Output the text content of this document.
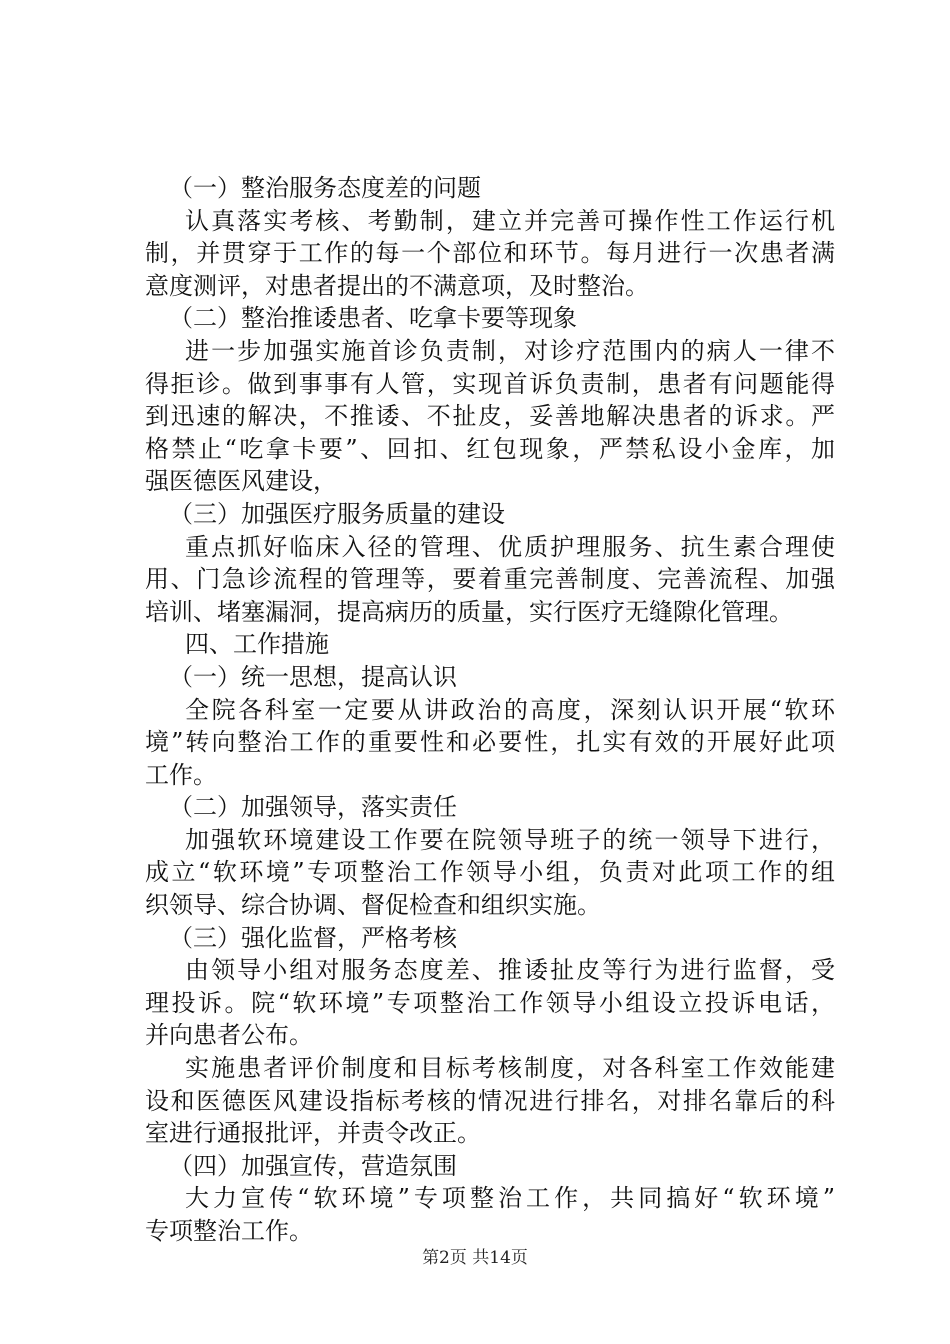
（一）整治服务态度差的问题
认真落实考核、考勤制，建立并完善可操作性工作运行机
制，并贯穿于工作的每一个部位和环节。每月进行一次患者满
意度测评，对患者提出的不满意项，及时整治。
（二）整治推诿患者、吃拿卡要等现象
进一步加强实施首诊负责制，对诊疗范围内的病人一律不
得拒诊。做到事事有人管，实现首诉负责制，患者有问题能得
到迅速的解决，不推诿、不扯皮，妥善地解决患者的诉求。严
格禁止“吃拿卡要”、回扣、红包现象，严禁私设小金库，加
强医德医风建设，
（三）加强医疗服务质量的建设
重点抓好临床入径的管理、优质护理服务、抗生素合理使
用、门急诊流程的管理等，要着重完善制度、完善流程、加强
培训、堵塞漏洞，提高病历的质量，实行医疗无缝隙化管理。
四、工作措施
（一）统一思想，提高认识
全院各科室一定要从讲政治的高度，深刻认识开展“软环
境”转向整治工作的重要性和必要性，扎实有效的开展好此项
工作。
（二）加强领导，落实责任
加强软环境建设工作要在院领导班子的统一领导下进行，
成立“软环境”专项整治工作领导小组，负责对此项工作的组
织领导、综合协调、督促检查和组织实施。
（三）强化监督，严格考核
由领导小组对服务态度差、推诿扯皮等行为进行监督，受
理投诉。院“软环境”专项整治工作领导小组设立投诉电话，
并向患者公布。
实施患者评价制度和目标考核制度，对各科室工作效能建
设和医德医风建设指标考核的情况进行排名，对排名靠后的科
室进行通报批评，并责令改正。
（四）加强宣传，营造氛围
大力宣传“软环境”专项整治工作，共同搞好“软环境”
专项整治工作。
第2页 共14页
